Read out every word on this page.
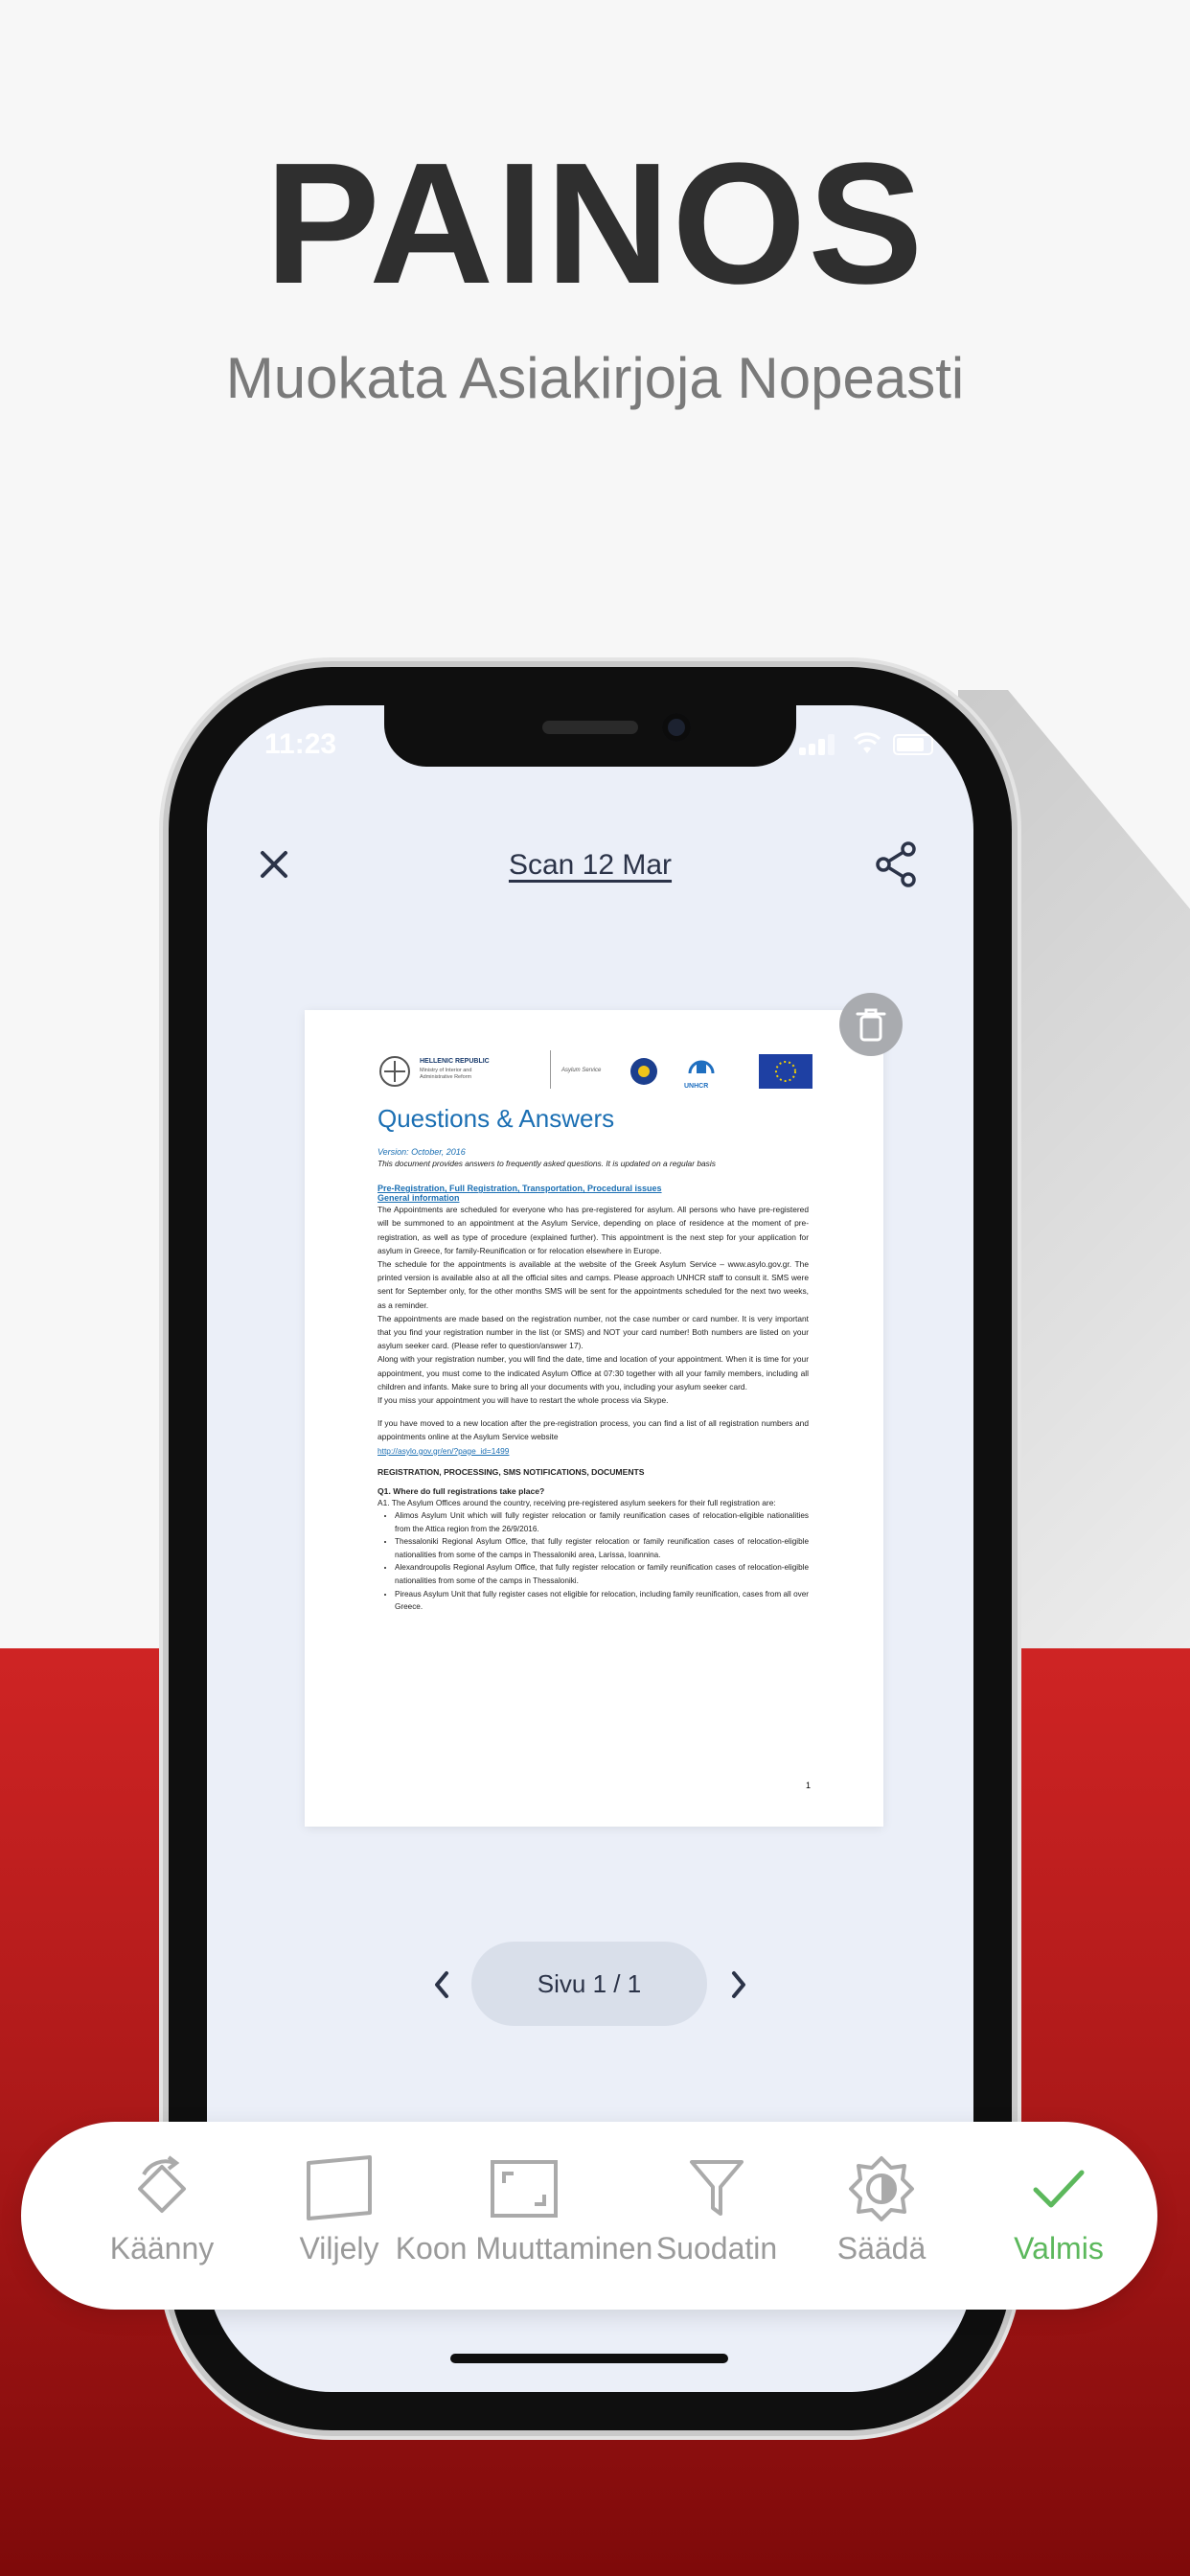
PAINOS

Muokata Asiakirjoja Nopeasti

11:23
Scan 12 Mar
HELLENIC REPUBLIC
Ministry of Interior and Administrative Reform
Asylum Service
UNHCR
Questions & Answers
Version: October, 2016
This document provides answers to frequently asked questions. It is updated on a regular basis
Pre-Registration, Full Registration, Transportation, Procedural issues
General information
The Appointments are scheduled for everyone who has pre-registered for asylum. All persons who have pre-registered will be summoned to an appointment at the Asylum Service, depending on place of residence at the moment of pre-registration, as well as type of procedure (explained further). This appointment is the next step for your application for asylum in Greece, for family-Reunification or for relocation elsewhere in Europe.
The schedule for the appointments is available at the website of the Greek Asylum Service – www.asylo.gov.gr. The printed version is available also at all the official sites and camps. Please approach UNHCR staff to consult it. SMS were sent for September only, for the other months SMS will be sent for the appointments scheduled for the next two weeks, as a reminder.
The appointments are made based on the registration number, not the case number or card number. It is very important that you find your registration number in the list (or SMS) and NOT your card number! Both numbers are listed on your asylum seeker card. (Please refer to question/answer 17).
Along with your registration number, you will find the date, time and location of your appointment. When it is time for your appointment, you must come to the indicated Asylum Office at 07:30 together with all your family members, including all children and infants. Make sure to bring all your documents with you, including your asylum seeker card.
If you miss your appointment you will have to restart the whole process via Skype.
If you have moved to a new location after the pre-registration process, you can find a list of all registration numbers and appointments online at the Asylum Service website
http://asylo.gov.gr/en/?page_id=1499
REGISTRATION, PROCESSING, SMS NOTIFICATIONS, DOCUMENTS
Q1. Where do full registrations take place?
A1. The Asylum Offices around the country, receiving pre-registered asylum seekers for their full registration are:
• Alimos Asylum Unit which will fully register relocation or family reunification cases of relocation-eligible nationalities from the Attica region from the 26/9/2016.
• Thessaloniki Regional Asylum Office, that fully register relocation or family reunification cases of relocation-eligible nationalities from some of the camps in Thessaloniki area, Larissa, Ioannina.
• Alexandroupolis Regional Asylum Office, that fully register relocation or family reunification cases of relocation-eligible nationalities from some of the camps in Thessaloniki.
• Pireaus Asylum Unit that fully register cases not eligible for relocation, including family reunification, cases from all over Greece.
1
Sivu 1 / 1
Käänny	Viljely Koon Muuttaminen Suodatin Säädä	Valmis
